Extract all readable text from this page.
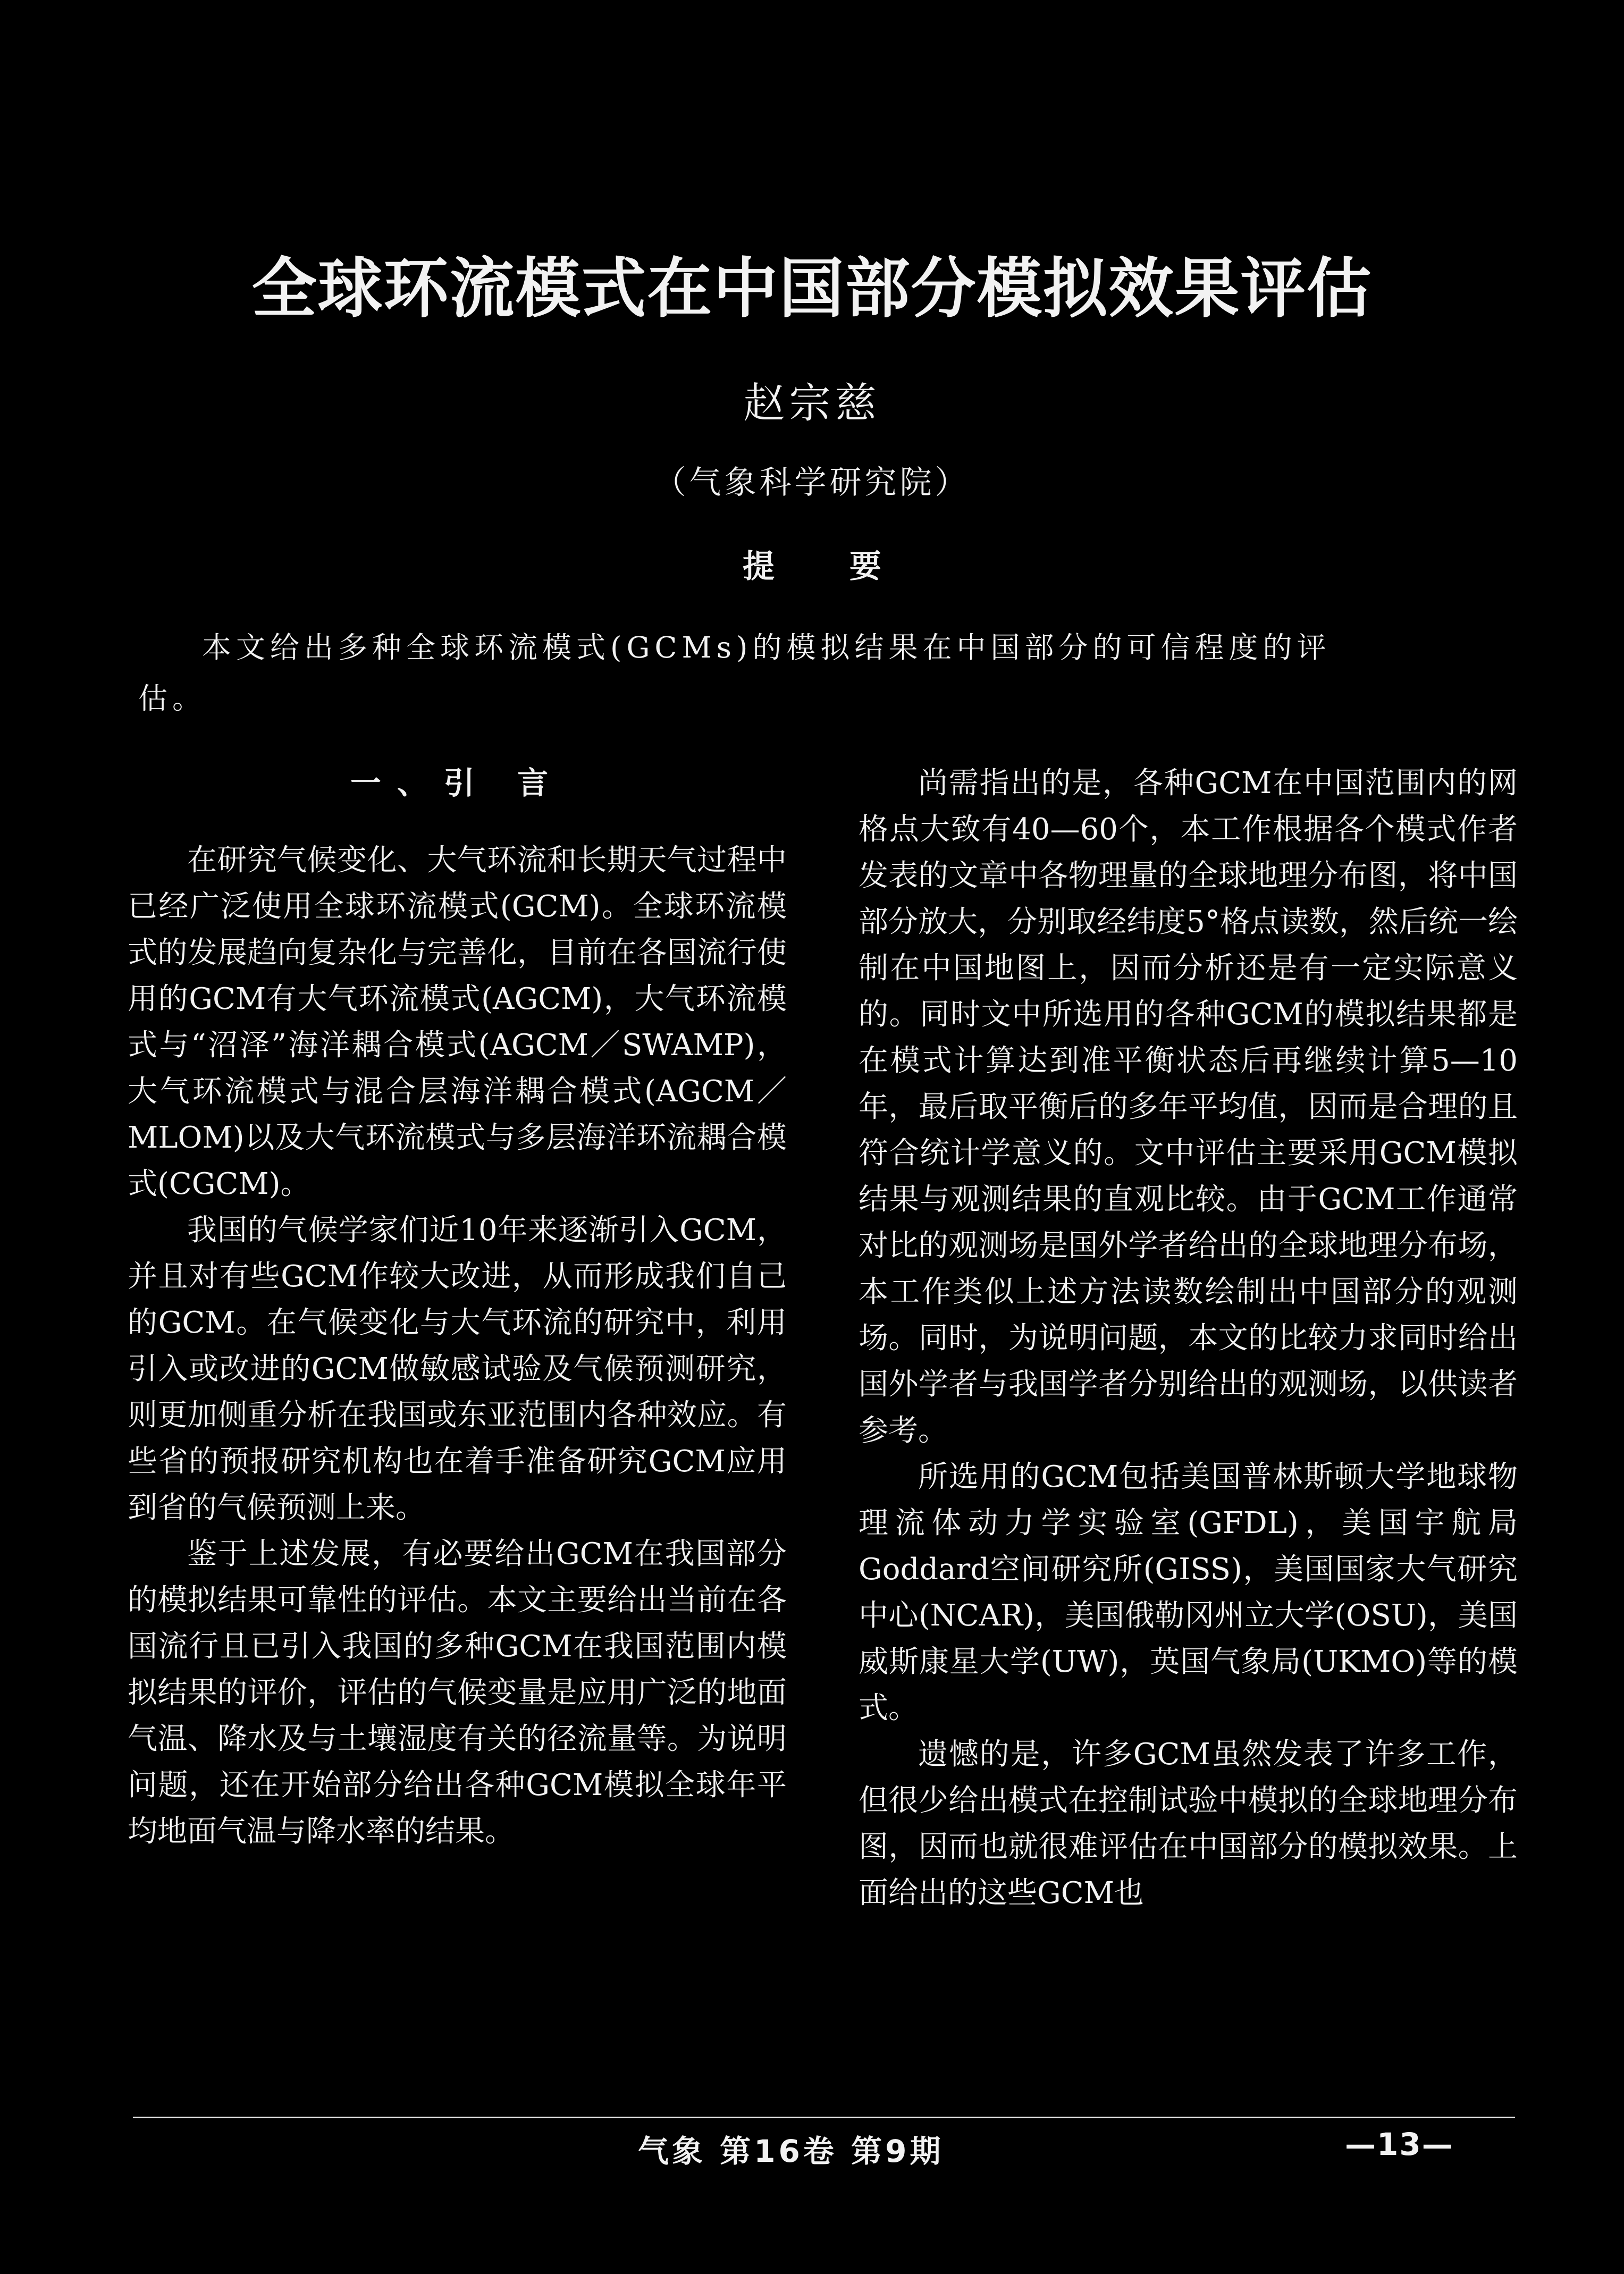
全球环流模式在中国部分模拟效果评估
赵宗慈
（气象科学研究院）
提 要
本文给出多种全球环流模式(GCMs)的模拟结果在中国部分的可信程度的评估。
一、引 言

在研究气候变化、大气环流和长期天气过程中已经广泛使用全球环流模式(GCM)。全球环流模式的发展趋向复杂化与完善化，目前在各国流行使用的GCM有大气环流模式(AGCM)，大气环流模式与“沼泽”海洋耦合模式(AGCM／SWAMP)，大气环流模式与混合层海洋耦合模式(AGCM／MLOM)以及大气环流模式与多层海洋环流耦合模式(CGCM)。

我国的气候学家们近10年来逐渐引入GCM，并且对有些GCM作较大改进，从而形成我们自己的GCM。在气候变化与大气环流的研究中，利用引入或改进的GCM做敏感试验及气候预测研究，则更加侧重分析在我国或东亚范围内各种效应。有些省的预报研究机构也在着手准备研究GCM应用到省的气候预测上来。

鉴于上述发展，有必要给出GCM在我国部分的模拟结果可靠性的评估。本文主要给出当前在各国流行且已引入我国的多种GCM在我国范围内模拟结果的评价，评估的气候变量是应用广泛的地面气温、降水及与土壤湿度有关的径流量等。为说明问题，还在开始部分给出各种GCM模拟全球年平均地面气温与降水率的结果。

尚需指出的是，各种GCM在中国范围内的网格点大致有40—60个，本工作根据各个模式作者发表的文章中各物理量的全球地理分布图，将中国部分放大，分别取经纬度5°格点读数，然后统一绘制在中国地图上，因而分析还是有一定实际意义的。同时文中所选用的各种GCM的模拟结果都是在模式计算达到准平衡状态后再继续计算5—10年，最后取平衡后的多年平均值，因而是合理的且符合统计学意义的。文中评估主要采用GCM模拟结果与观测结果的直观比较。由于GCM工作通常对比的观测场是国外学者给出的全球地理分布场，本工作类似上述方法读数绘制出中国部分的观测场。同时，为说明问题，本文的比较力求同时给出国外学者与我国学者分别给出的观测场，以供读者参考。

所选用的GCM包括美国普林斯顿大学地球物理流体动力学实验室(GFDL)，美国宇航局Goddard空间研究所(GISS)，美国国家大气研究中心(NCAR)，美国俄勒冈州立大学(OSU)，美国威斯康星大学(UW)，英国气象局(UKMO)等的模式。

遗憾的是，许多GCM虽然发表了许多工作，但很少给出模式在控制试验中模拟的全球地理分布图，因而也就很难评估在中国部分的模拟效果。上面给出的这些GCM也

气象 第16卷 第9期	—13—
